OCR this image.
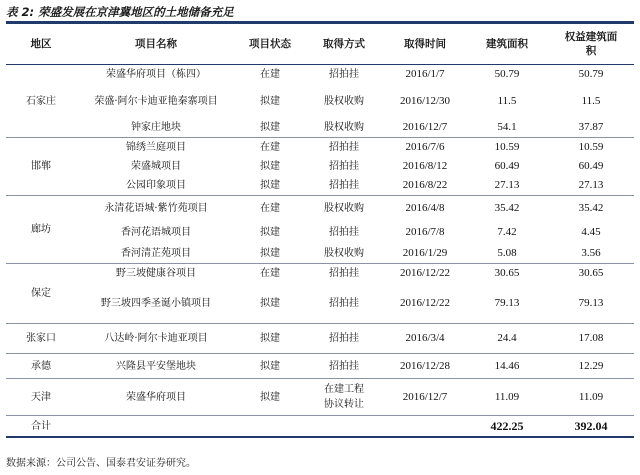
表 2: 荣盛发展在京津冀地区的土地储备充足
地区	项目名称	项目状态	取得方式	取得时间	建筑面积	权益建筑面积
石家庄	荣盛华府项目（栋四）	在建	招拍挂	2016/1/7	50.79	50.79
	荣盛·阿尔卡迪亚艳秦寨项目	拟建	股权收购	2016/12/30	11.5	11.5
	钟家庄地块	拟建	股权收购	2016/12/7	54.1	37.87
邯郸	锦绣兰庭项目	在建	招拍挂	2016/7/6	10.59	10.59
	荣盛城项目	拟建	招拍挂	2016/8/12	60.49	60.49
	公园印象项目	拟建	招拍挂	2016/8/22	27.13	27.13
廊坊	永清花语城·紫竹苑项目	在建	股权收购	2016/4/8	35.42	35.42
	香河花语城项目	拟建	招拍挂	2016/7/8	7.42	4.45
	香河清芷苑项目	拟建	股权收购	2016/1/29	5.08	3.56
保定	野三坡健康谷项目	在建	招拍挂	2016/12/22	30.65	30.65
	野三坡四季圣诞小镇项目	拟建	招拍挂	2016/12/22	79.13	79.13
张家口	八达岭·阿尔卡迪亚项目	拟建	招拍挂	2016/3/4	24.4	17.08
承德	兴隆县平安堡地块	拟建	招拍挂	2016/12/28	14.46	12.29
天津	荣盛华府项目	拟建	在建工程协议转让	2016/12/7	11.09	11.09
合计					422.25	392.04
数据来源：公司公告、国泰君安证券研究。
